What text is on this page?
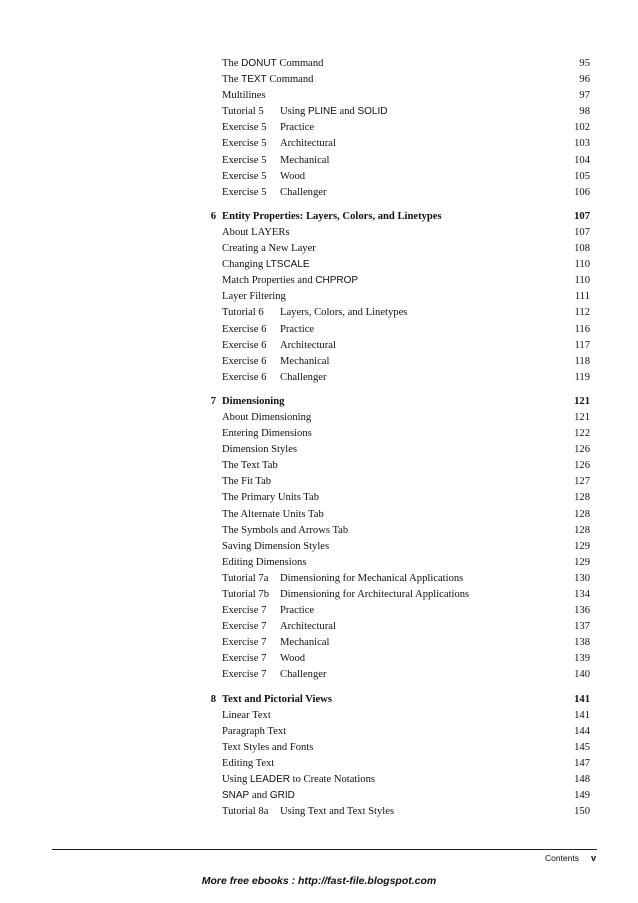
The DONUT Command	95
The TEXT Command	96
Multilines	97
Tutorial 5 Using PLINE and SOLID	98
Exercise 5 Practice	102
Exercise 5 Architectural	103
Exercise 5 Mechanical	104
Exercise 5 Wood	105
Exercise 5 Challenger	106
6 Entity Properties: Layers, Colors, and Linetypes	107
About LAYERs	107
Creating a New Layer	108
Changing LTSCALE	110
Match Properties and CHPROP	110
Layer Filtering	111
Tutorial 6 Layers, Colors, and Linetypes	112
Exercise 6 Practice	116
Exercise 6 Architectural	117
Exercise 6 Mechanical	118
Exercise 6 Challenger	119
7 Dimensioning	121
About Dimensioning	121
Entering Dimensions	122
Dimension Styles	126
The Text Tab	126
The Fit Tab	127
The Primary Units Tab	128
The Alternate Units Tab	128
The Symbols and Arrows Tab	128
Saving Dimension Styles	129
Editing Dimensions	129
Tutorial 7a Dimensioning for Mechanical Applications	130
Tutorial 7b Dimensioning for Architectural Applications	134
Exercise 7 Practice	136
Exercise 7 Architectural	137
Exercise 7 Mechanical	138
Exercise 7 Wood	139
Exercise 7 Challenger	140
8 Text and Pictorial Views	141
Linear Text	141
Paragraph Text	144
Text Styles and Fonts	145
Editing Text	147
Using LEADER to Create Notations	148
SNAP and GRID	149
Tutorial 8a Using Text and Text Styles	150
Contents v
More free ebooks : http://fast-file.blogspot.com
